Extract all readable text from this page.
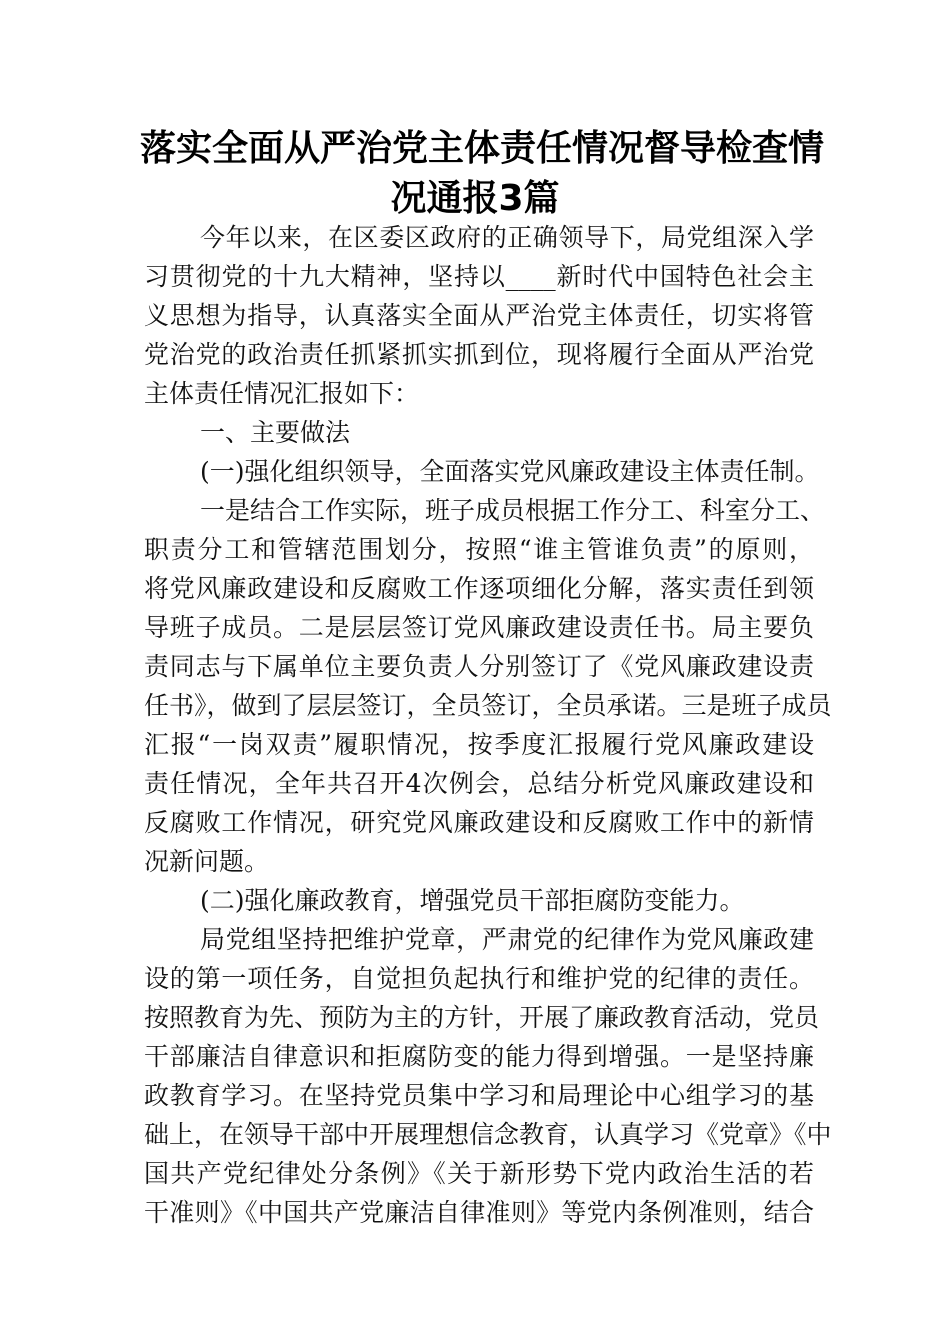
落实全面从严治党主体责任情况督导检查情
况通报3篇
今年以来，在区委区政府的正确领导下，局党组深入学
习贯彻党的十九大精神，坚持以____新时代中国特色社会主
义思想为指导，认真落实全面从严治党主体责任，切实将管
党治党的政治责任抓紧抓实抓到位，现将履行全面从严治党
主体责任情况汇报如下：
一、主要做法
(一)强化组织领导，全面落实党风廉政建设主体责任制。
一是结合工作实际，班子成员根据工作分工、科室分工、
职责分工和管辖范围划分，按照“谁主管谁负责”的原则，
将党风廉政建设和反腐败工作逐项细化分解，落实责任到领
导班子成员。二是层层签订党风廉政建设责任书。局主要负
责同志与下属单位主要负责人分别签订了《党风廉政建设责
任书》，做到了层层签订，全员签订，全员承诺。三是班子成员
汇报“一岗双责”履职情况，按季度汇报履行党风廉政建设
责任情况，全年共召开4次例会，总结分析党风廉政建设和
反腐败工作情况，研究党风廉政建设和反腐败工作中的新情
况新问题。
(二)强化廉政教育，增强党员干部拒腐防变能力。
局党组坚持把维护党章，严肃党的纪律作为党风廉政建
设的第一项任务，自觉担负起执行和维护党的纪律的责任。
按照教育为先、预防为主的方针，开展了廉政教育活动，党员
干部廉洁自律意识和拒腐防变的能力得到增强。一是坚持廉
政教育学习。在坚持党员集中学习和局理论中心组学习的基
础上，在领导干部中开展理想信念教育，认真学习《党章》《中
国共产党纪律处分条例》《关于新形势下党内政治生活的若
干准则》《中国共产党廉洁自律准则》等党内条例准则，结合
